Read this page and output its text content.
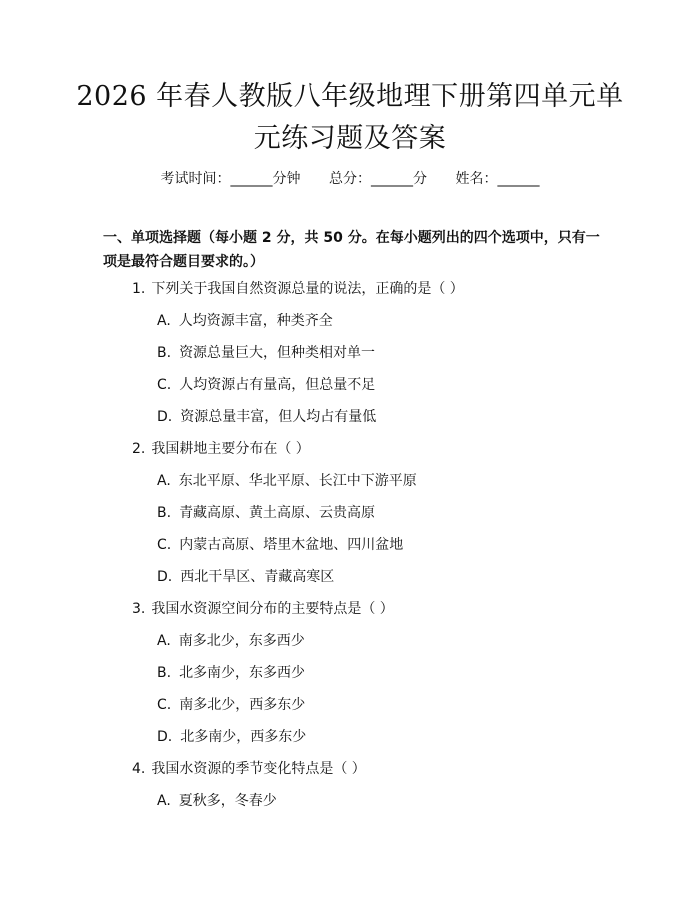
2026 年春人教版八年级地理下册第四单元单
元练习题及答案
考试时间：______分钟 总分：______分 姓名：______
一、单项选择题（每小题 2 分，共 50 分。在每小题列出的四个选项中，只有一项是最符合题目要求的。）
1. 下列关于我国自然资源总量的说法，正确的是（ ）
A. 人均资源丰富，种类齐全
B. 资源总量巨大，但种类相对单一
C. 人均资源占有量高，但总量不足
D. 资源总量丰富，但人均占有量低
2. 我国耕地主要分布在（ ）
A. 东北平原、华北平原、长江中下游平原
B. 青藏高原、黄土高原、云贵高原
C. 内蒙古高原、塔里木盆地、四川盆地
D. 西北干旱区、青藏高寒区
3. 我国水资源空间分布的主要特点是（ ）
A. 南多北少，东多西少
B. 北多南少，东多西少
C. 南多北少，西多东少
D. 北多南少，西多东少
4. 我国水资源的季节变化特点是（ ）
A. 夏秋多，冬春少
